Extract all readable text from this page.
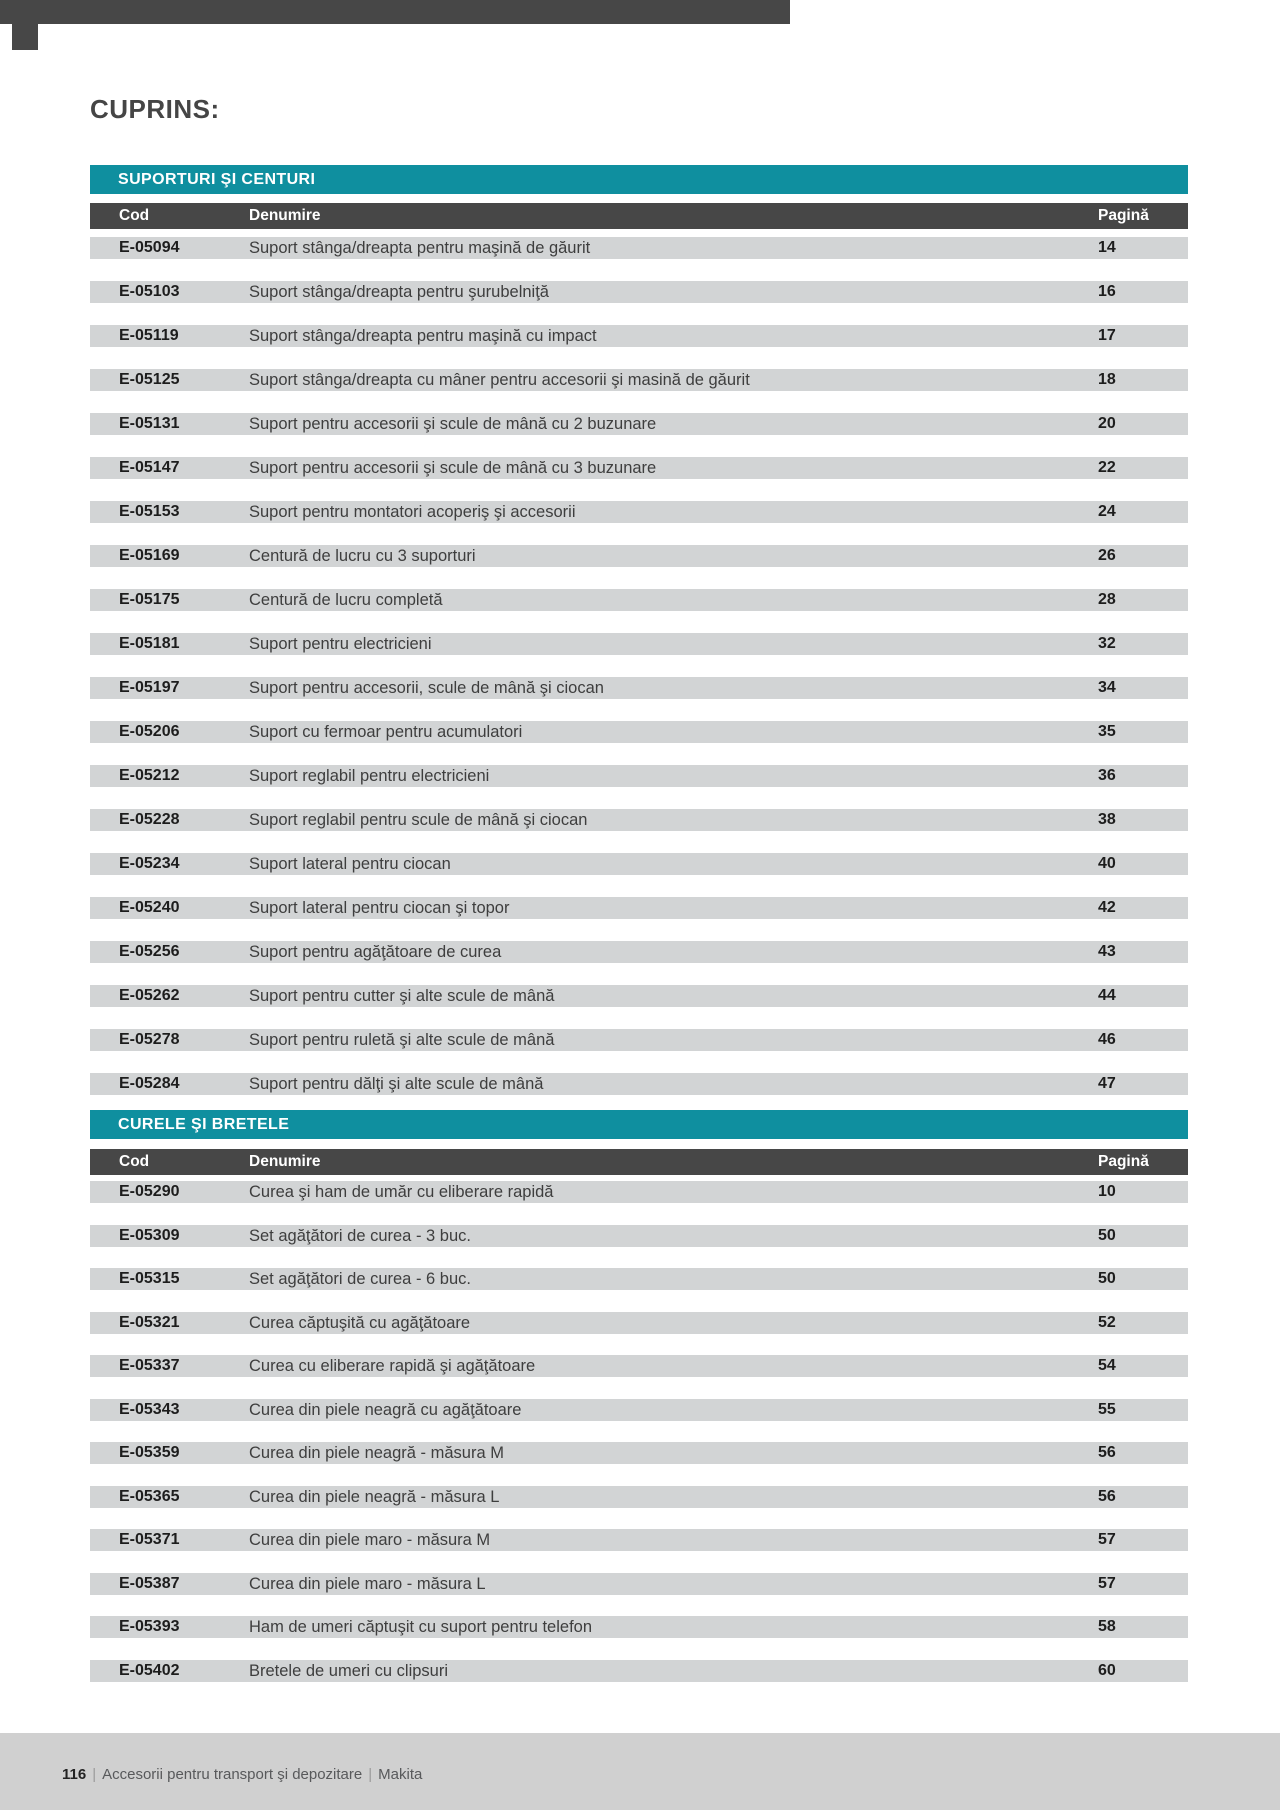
CUPRINS:
SUPORTURI ŞI CENTURI
Cod	Denumire	Pagină
E-05094	Suport stânga/dreapta pentru maşină de găurit	14
E-05103	Suport stânga/dreapta pentru şurubelniţă	16
E-05119	Suport stânga/dreapta pentru maşină cu impact	17
E-05125	Suport stânga/dreapta cu mâner pentru accesorii şi masină de găurit	18
E-05131	Suport pentru accesorii şi scule de mână cu 2 buzunare	20
E-05147	Suport pentru accesorii şi scule de mână cu 3 buzunare	22
E-05153	Suport pentru montatori acoperiş şi accesorii	24
E-05169	Centură de lucru cu 3 suporturi	26
E-05175	Centură de lucru completă	28
E-05181	Suport pentru electricieni	32
E-05197	Suport pentru accesorii, scule de mână şi ciocan	34
E-05206	Suport cu fermoar pentru acumulatori	35
E-05212	Suport reglabil pentru electricieni	36
E-05228	Suport reglabil pentru scule de mână şi ciocan	38
E-05234	Suport lateral pentru ciocan	40
E-05240	Suport lateral pentru ciocan şi topor	42
E-05256	Suport pentru agăţătoare de curea	43
E-05262	Suport pentru cutter şi alte scule de mână	44
E-05278	Suport pentru ruletă şi alte scule de mână	46
E-05284	Suport pentru dălţi şi alte scule de mână	47
CURELE ŞI BRETELE
Cod	Denumire	Pagină
E-05290	Curea şi ham de umăr cu eliberare rapidă	10
E-05309	Set agăţători de curea - 3 buc.	50
E-05315	Set agăţători de curea - 6 buc.	50
E-05321	Curea căptuşită cu agăţătoare	52
E-05337	Curea cu eliberare rapidă şi agăţătoare	54
E-05343	Curea din piele neagră cu agăţătoare	55
E-05359	Curea din piele neagră - măsura M	56
E-05365	Curea din piele neagră - măsura L	56
E-05371	Curea din piele maro - măsura M	57
E-05387	Curea din piele maro - măsura L	57
E-05393	Ham de umeri căptuşit cu suport pentru telefon	58
E-05402	Bretele de umeri cu clipsuri	60
116 | Accesorii pentru transport şi depozitare | Makita
